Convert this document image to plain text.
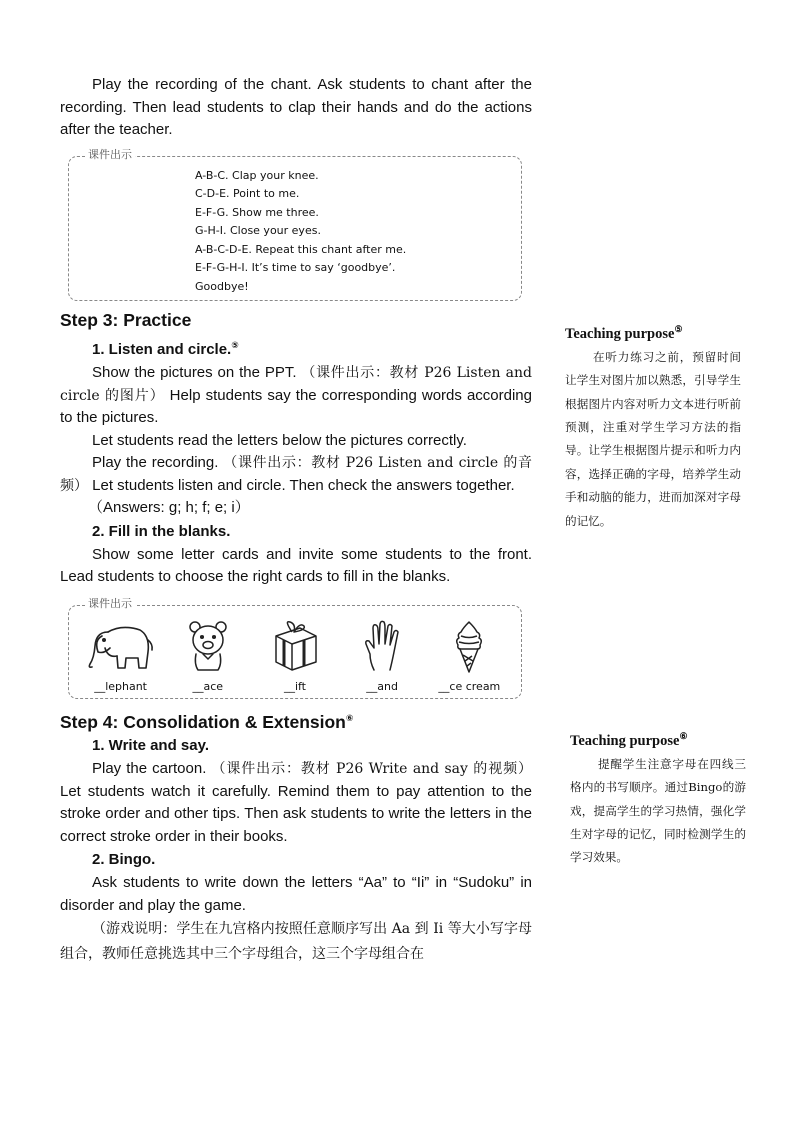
Play the recording of the chant. Ask students to chant after the recording. Then lead students to clap their hands and do the actions after the teacher.

课件出示
A-B-C. Clap your knee.
C-D-E. Point to me.
E-F-G. Show me three.
G-H-I. Close your eyes.
A-B-C-D-E. Repeat this chant after me.
E-F-G-H-I. It’s time to say ‘goodbye’.
Goodbye!
Step 3: Practice
1. Listen and circle.⑤

Show the pictures on the PPT. （课件出示：教材 P26 Listen and circle 的图片） Help students say the corresponding words according to the pictures.

Let students read the letters below the pictures correctly.

Play the recording. （课件出示：教材 P26 Listen and circle 的音频） Let students listen and circle. Then check the answers together.

（Answers: g; h; f; e; i）

2. Fill in the blanks.

Show some letter cards and invite some students to the front. Lead students to choose the right cards to fill in the blanks.

课件出示
__lephant	__ace	__ift	__and	__ce cream
Step 4: Consolidation & Extension⑥
1. Write and say.

Play the cartoon. （课件出示：教材 P26 Write and say 的视频） Let students watch it carefully. Remind them to pay attention to the stroke order and other tips. Then ask students to write the letters in the correct stroke order in their books.

2. Bingo.

Ask students to write down the letters “Aa” to “Ii” in “Sudoku” in disorder and play the game.

（游戏说明：学生在九宫格内按照任意顺序写出 Aa 到 Ii 等大小写字母组合，教师任意挑选其中三个字母组合，这三个字母组合在

Teaching purpose⑤

在听力练习之前，预留时间让学生对图片加以熟悉，引导学生根据图片内容对听力文本进行听前预测，注重对学生学习方法的指导。让学生根据图片提示和听力内容，选择正确的字母，培养学生动手和动脑的能力，进而加深对字母的记忆。

Teaching purpose⑥

提醒学生注意字母在四线三格内的书写顺序。通过Bingo的游戏，提高学生的学习热情，强化学生对字母的记忆，同时检测学生的学习效果。
